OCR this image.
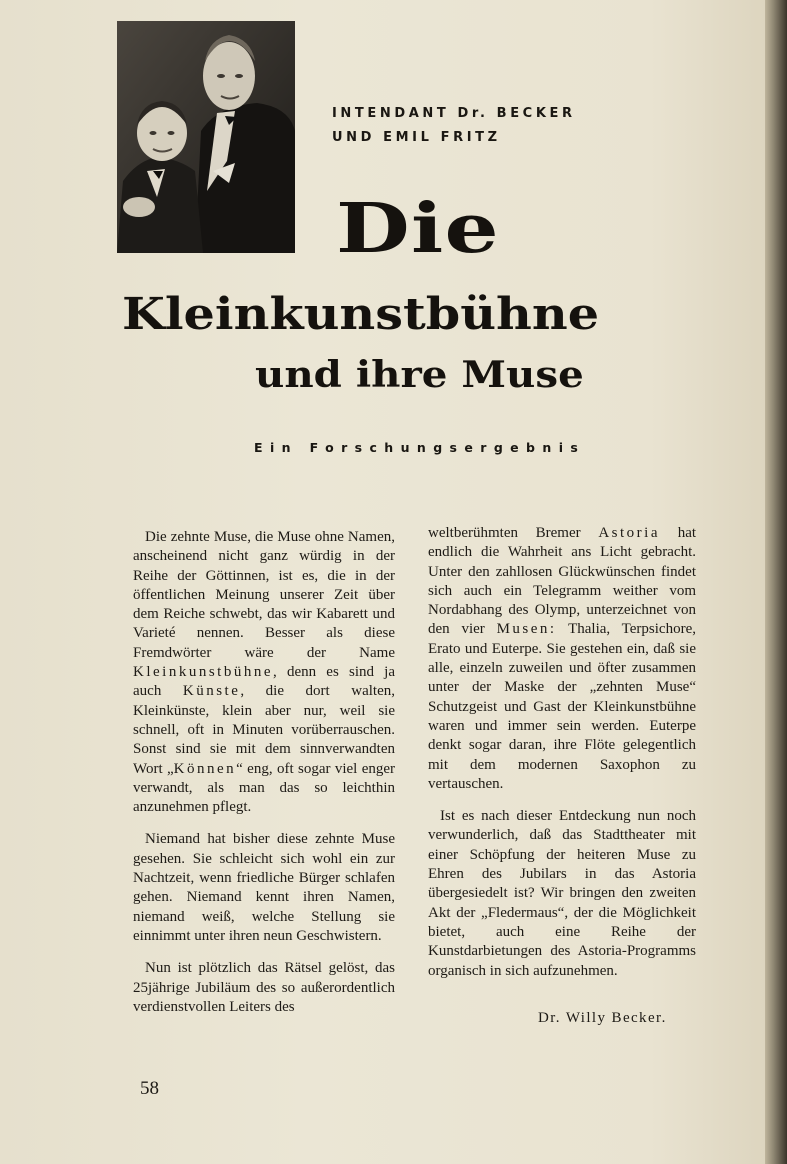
INTENDANT Dr. BECKER
UND EMIL FRITZ
Die
Kleinkunstbühne
und ihre Muse
Ein Forschungsergebnis

Die zehnte Muse, die Muse ohne Namen, anscheinend nicht ganz würdig in der Reihe der Göttinnen, ist es, die in der öffentlichen Meinung unserer Zeit über dem Reiche schwebt, das wir Kabarett und Varieté nennen. Besser als diese Fremdwörter wäre der Name Kleinkunstbühne, denn es sind ja auch Künste, die dort walten, Kleinkünste, klein aber nur, weil sie schnell, oft in Minuten vorüberrauschen. Sonst sind sie mit dem sinnverwandten Wort „Können“ eng, oft sogar viel enger verwandt, als man das so leichthin anzunehmen pflegt.

Niemand hat bisher diese zehnte Muse gesehen. Sie schleicht sich wohl ein zur Nachtzeit, wenn friedliche Bürger schlafen gehen. Niemand kennt ihren Namen, niemand weiß, welche Stellung sie einnimmt unter ihren neun Geschwistern.

Nun ist plötzlich das Rätsel gelöst, das 25jährige Jubiläum des so außerordentlich verdienstvollen Leiters des

weltberühmten Bremer Astoria hat endlich die Wahrheit ans Licht gebracht. Unter den zahllosen Glückwünschen findet sich auch ein Telegramm weither vom Nordabhang des Olymp, unterzeichnet von den vier Musen: Thalia, Terpsichore, Erato und Euterpe. Sie gestehen ein, daß sie alle, einzeln zuweilen und öfter zusammen unter der Maske der „zehnten Muse“ Schutzgeist und Gast der Kleinkunstbühne waren und immer sein werden. Euterpe denkt sogar daran, ihre Flöte gelegentlich mit dem modernen Saxophon zu vertauschen.

Ist es nach dieser Entdeckung nun noch verwunderlich, daß das Stadttheater mit einer Schöpfung der heiteren Muse zu Ehren des Jubilars in das Astoria übergesiedelt ist? Wir bringen den zweiten Akt der „Fledermaus“, der die Möglichkeit bietet, auch eine Reihe der Kunstdarbietungen des Astoria-Programms organisch in sich aufzunehmen.

Dr. Willy Becker.
58
